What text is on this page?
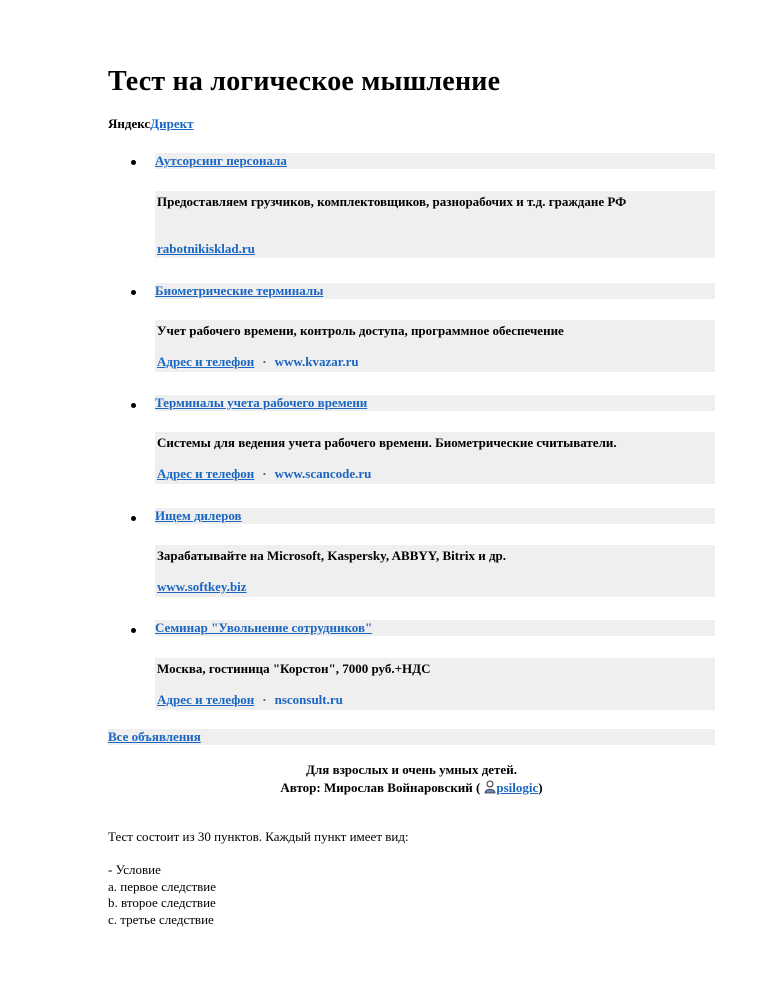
Тест на логическое мышление
ЯндексДирект
Аутсорсинг персонала
Предоставляем грузчиков, комплектовщиков, разнорабочих и т.д. граждане РФ
rabotnikisklad.ru
Биометрические терминалы
Учет рабочего времени, контроль доступа, программное обеспечение
Адрес и телефон · www.kvazar.ru
Терминалы учета рабочего времени
Системы для ведения учета рабочего времени. Биометрические считыватели.
Адрес и телефон · www.scancode.ru
Ищем дилеров
Зарабатывайте на Microsoft, Kaspersky, ABBYY, Bitrix и др.
www.softkey.biz
Семинар "Увольнение сотрудников"
Москва, гостиница "Корстон", 7000 руб.+НДС
Адрес и телефон · nsconsult.ru
Все объявления
Для взрослых и очень умных детей.
Автор: Мирослав Войнаровский ( psilogic)
Тест состоит из 30 пунктов. Каждый пункт имеет вид:
- Условие
a. первое следствие
b. второе следствие
c. третье следствие
